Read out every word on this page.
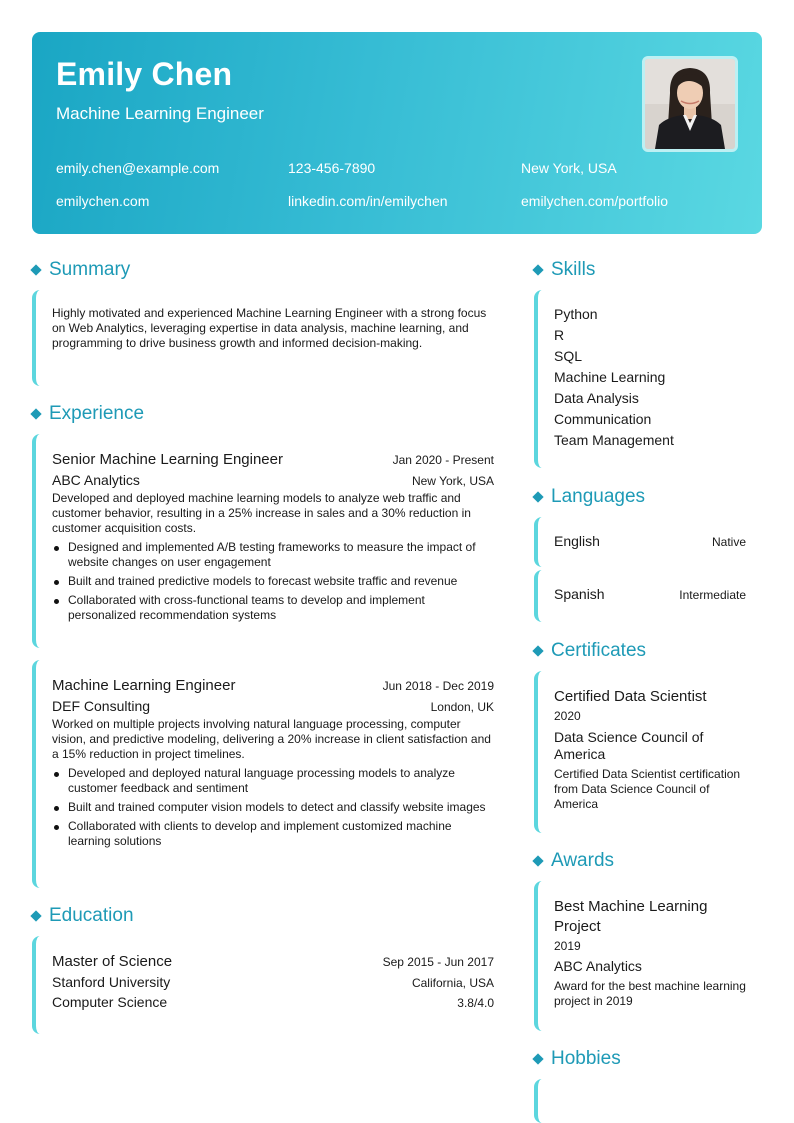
Emily Chen
Machine Learning Engineer
emily.chen@example.com	123-456-7890	New York, USA
emilychen.com	linkedin.com/in/emilychen	emilychen.com/portfolio
Summary
Highly motivated and experienced Machine Learning Engineer with a strong focus on Web Analytics, leveraging expertise in data analysis, machine learning, and programming to drive business growth and informed decision-making.
Experience
Senior Machine Learning Engineer	Jan 2020 - Present
ABC Analytics	New York, USA
Developed and deployed machine learning models to analyze web traffic and customer behavior, resulting in a 25% increase in sales and a 30% reduction in customer acquisition costs.
Designed and implemented A/B testing frameworks to measure the impact of website changes on user engagement
Built and trained predictive models to forecast website traffic and revenue
Collaborated with cross-functional teams to develop and implement personalized recommendation systems
Machine Learning Engineer	Jun 2018 - Dec 2019
DEF Consulting	London, UK
Worked on multiple projects involving natural language processing, computer vision, and predictive modeling, delivering a 20% increase in client satisfaction and a 15% reduction in project timelines.
Developed and deployed natural language processing models to analyze customer feedback and sentiment
Built and trained computer vision models to detect and classify website images
Collaborated with clients to develop and implement customized machine learning solutions
Education
Master of Science	Sep 2015 - Jun 2017
Stanford University	California, USA
Computer Science	3.8/4.0
Skills
Python
R
SQL
Machine Learning
Data Analysis
Communication
Team Management
Languages
English	Native
Spanish	Intermediate
Certificates
Certified Data Scientist
2020
Data Science Council of America
Certified Data Scientist certification from Data Science Council of America
Awards
Best Machine Learning Project
2019
ABC Analytics
Award for the best machine learning project in 2019
Hobbies
